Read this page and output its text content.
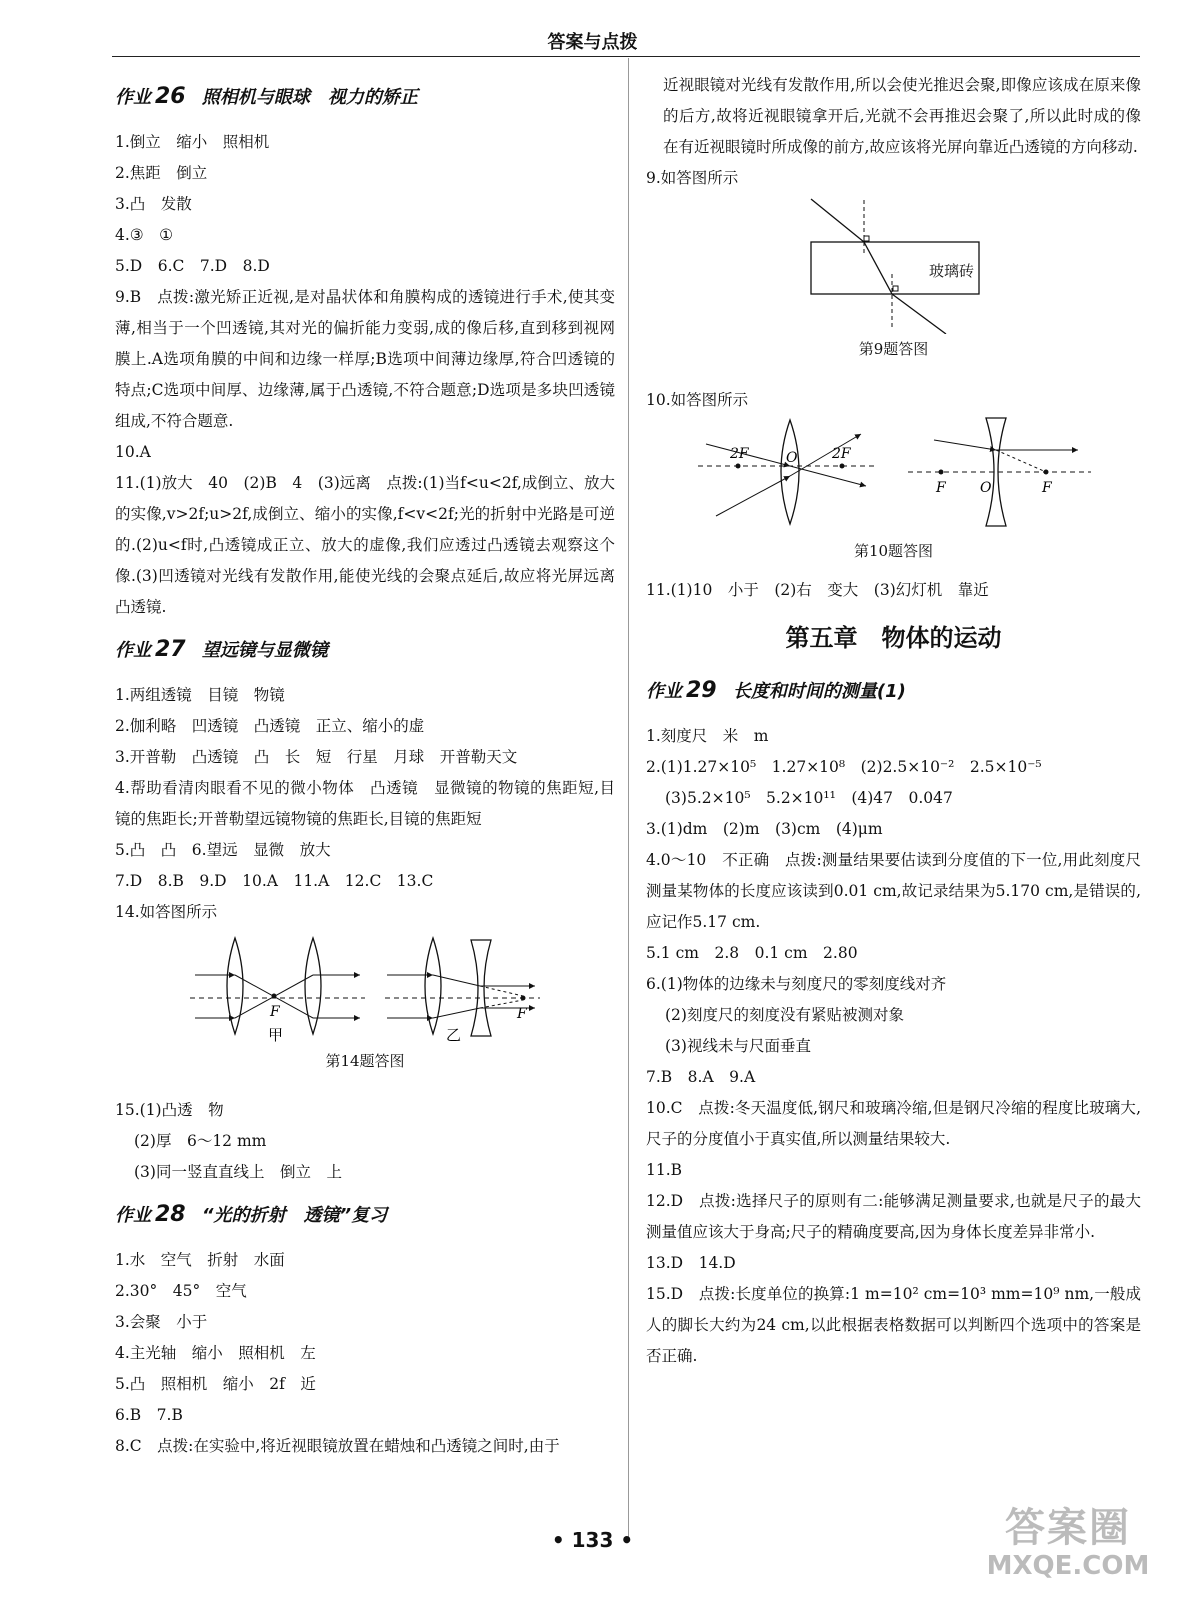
答案与点拨
作业 26 照相机与眼球　视力的矫正
1.倒立　缩小　照相机
2.焦距　倒立
3.凸　发散
4.③　①
5.D　6.C　7.D　8.D
9.B　点拨:激光矫正近视,是对晶状体和角膜构成的透镜进行手术,使其变薄,相当于一个凹透镜,其对光的偏折能力变弱,成的像后移,直到移到视网膜上.A选项角膜的中间和边缘一样厚;B选项中间薄边缘厚,符合凹透镜的特点;C选项中间厚、边缘薄,属于凸透镜,不符合题意;D选项是多块凹透镜组成,不符合题意.
10.A
11.(1)放大　40　(2)B　4　(3)远离　点拨:(1)当f<u<2f,成倒立、放大的实像,v>2f;u>2f,成倒立、缩小的实像,f<v<2f;光的折射中光路是可逆的.(2)u<f时,凸透镜成正立、放大的虚像,我们应透过凸透镜去观察这个像.(3)凹透镜对光线有发散作用,能使光线的会聚点延后,故应将光屏远离凸透镜.
作业 27 望远镜与显微镜
1.两组透镜　目镜　物镜
2.伽利略　凹透镜　凸透镜　正立、缩小的虚
3.开普勒　凸透镜　凸　长　短　行星　月球　开普勒天文
4.帮助看清肉眼看不见的微小物体　凸透镜　显微镜的物镜的焦距短,目镜的焦距长;开普勒望远镜物镜的焦距长,目镜的焦距短
5.凸　凸　6.望远　显微　放大
7.D　8.B　9.D　10.A　11.A　12.C　13.C
14.如答图所示
F
甲
F
乙
第14题答图
15.(1)凸透　物
(2)厚　6～12 mm
(3)同一竖直直线上　倒立　上
作业 28 “光的折射　透镜”复习
1.水　空气　折射　水面
2.30°　45°　空气
3.会聚　小于
4.主光轴　缩小　照相机　左
5.凸　照相机　缩小　2f　近
6.B　7.B
8.C　点拨:在实验中,将近视眼镜放置在蜡烛和凸透镜之间时,由于
近视眼镜对光线有发散作用,所以会使光推迟会聚,即像应该成在原来像的后方,故将近视眼镜拿开后,光就不会再推迟会聚了,所以此时成的像在有近视眼镜时所成像的前方,故应该将光屏向靠近凸透镜的方向移动.
9.如答图所示
玻璃砖
第9题答图
10.如答图所示
2F	O 2F
F O	F
第10题答图
11.(1)10　小于　(2)右　变大　(3)幻灯机　靠近
第五章　物体的运动
作业 29 长度和时间的测量(1)
1.刻度尺　米　m
2.(1)1.27×10⁵　1.27×10⁸　(2)2.5×10⁻²　2.5×10⁻⁵
(3)5.2×10⁵　5.2×10¹¹　(4)47　0.047
3.(1)dm　(2)m　(3)cm　(4)μm
4.0～10　不正确　点拨:测量结果要估读到分度值的下一位,用此刻度尺测量某物体的长度应该读到0.01 cm,故记录结果为5.170 cm,是错误的,应记作5.17 cm.
5.1 cm　2.8　0.1 cm　2.80
6.(1)物体的边缘未与刻度尺的零刻度线对齐
(2)刻度尺的刻度没有紧贴被测对象
(3)视线未与尺面垂直
7.B　8.A　9.A
10.C　点拨:冬天温度低,钢尺和玻璃冷缩,但是钢尺冷缩的程度比玻璃大,尺子的分度值小于真实值,所以测量结果较大.
11.B
12.D　点拨:选择尺子的原则有二:能够满足测量要求,也就是尺子的最大测量值应该大于身高;尺子的精确度要高,因为身体长度差异非常小.
13.D　14.D
15.D　点拨:长度单位的换算:1 m=10² cm=10³ mm=10⁹ nm,一般成人的脚长大约为24 cm,以此根据表格数据可以判断四个选项中的答案是否正确.
• 133 •	答案圈
MXQE.COM
